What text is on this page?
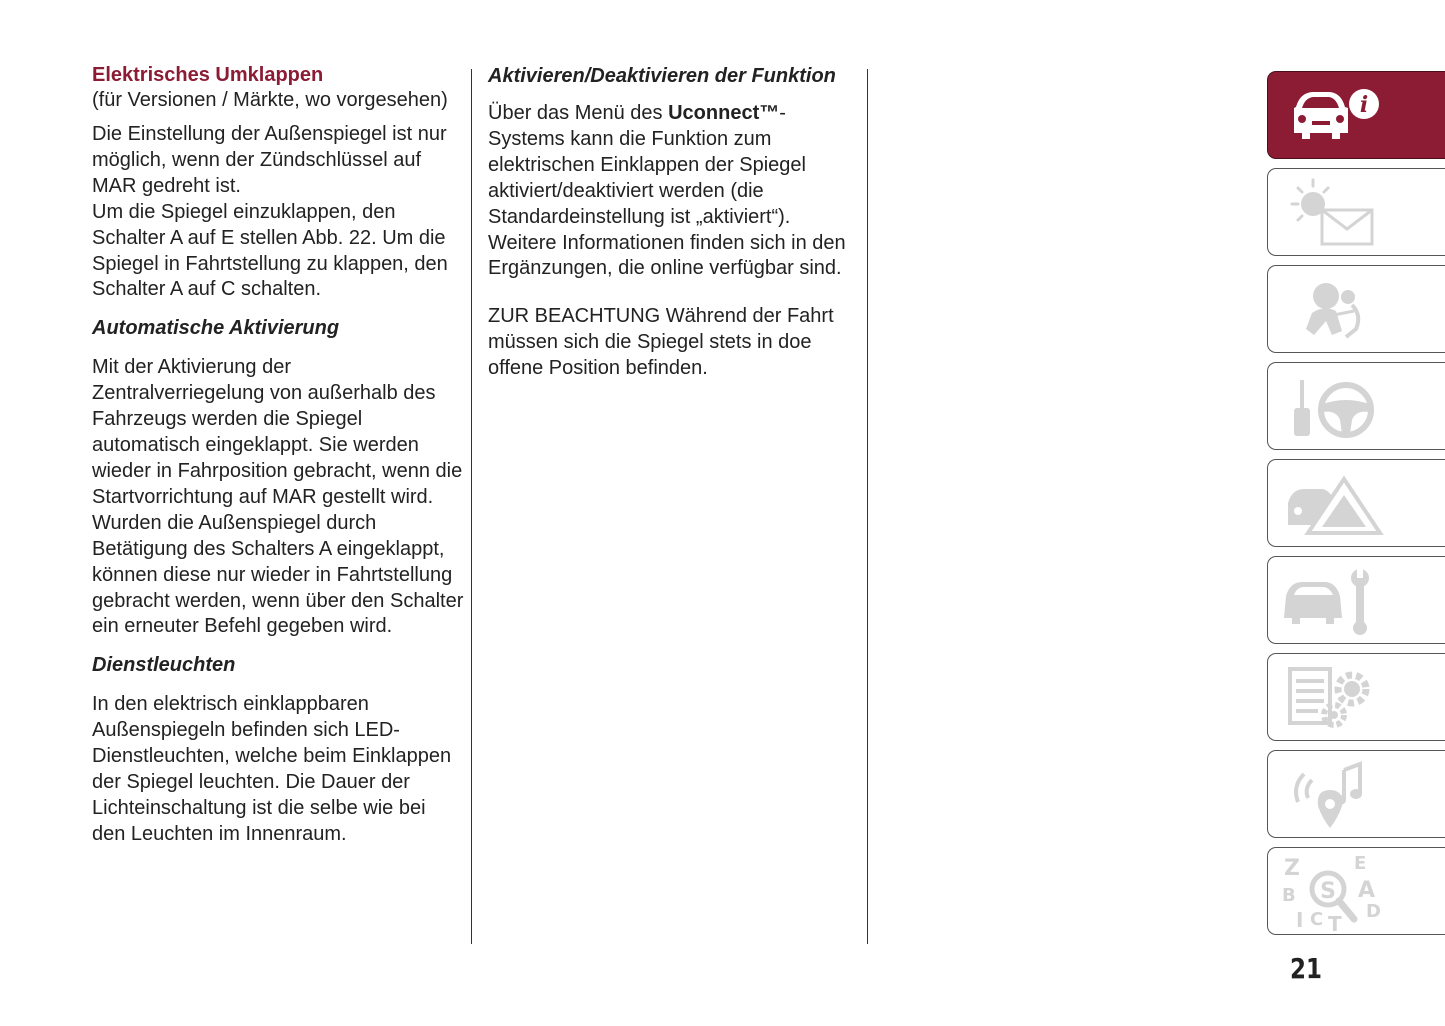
Elektrisches Umklappen

(für Versionen / Märkte, wo vorgesehen)

Die Einstellung der Außenspiegel ist nur möglich, wenn der Zündschlüssel auf MAR gedreht ist.

Um die Spiegel einzuklappen, den Schalter A auf E stellen Abb. 22. Um die Spiegel in Fahrtstellung zu klappen, den Schalter A auf C schalten.

Automatische Aktivierung

Mit der Aktivierung der Zentralverriegelung von außerhalb des Fahrzeugs werden die Spiegel automatisch eingeklappt. Sie werden wieder in Fahrposition gebracht, wenn die Startvorrichtung auf MAR gestellt wird.

Wurden die Außenspiegel durch Betätigung des Schalters A eingeklappt, können diese nur wieder in Fahrtstellung gebracht werden, wenn über den Schalter ein erneuter Befehl gegeben wird.

Dienstleuchten

In den elektrisch einklappbaren Außenspiegeln befinden sich LED-Dienstleuchten, welche beim Einklappen der Spiegel leuchten. Die Dauer der Lichteinschaltung ist die selbe wie bei den Leuchten im Innenraum.

Aktivieren/Deaktivieren der Funktion

Über das Menü des Uconnect™-Systems kann die Funktion zum elektrischen Einklappen der Spiegel aktiviert/deaktiviert werden (die Standardeinstellung ist „aktiviert“). Weitere Informationen finden sich in den Ergänzungen, die online verfügbar sind.

ZUR BEACHTUNG Während der Fahrt müssen sich die Spiegel stets in doe offene Position befinden.

i
Z	E
B	A
D
I C T
S
21
